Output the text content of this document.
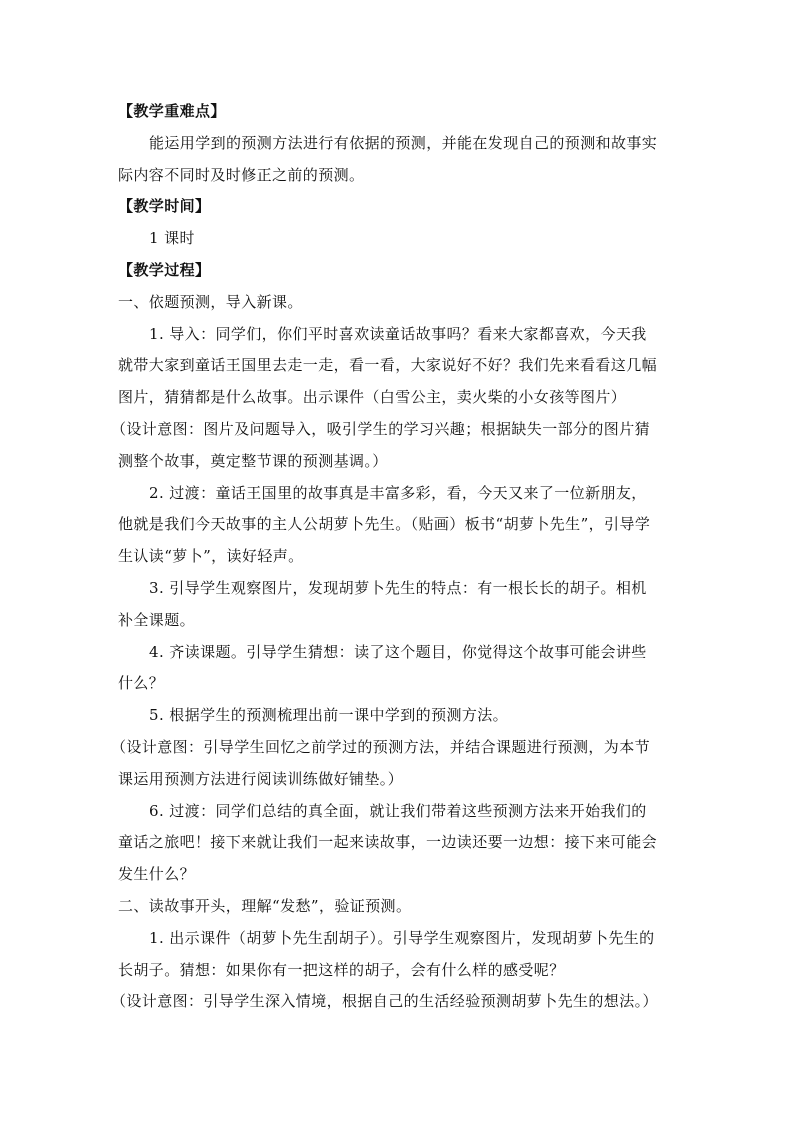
【教学重难点】
能运用学到的预测方法进行有依据的预测，并能在发现自己的预测和故事实
际内容不同时及时修正之前的预测。
【教学时间】
1 课时
【教学过程】
一、依题预测，导入新课。
1. 导入：同学们，你们平时喜欢读童话故事吗？看来大家都喜欢，今天我
就带大家到童话王国里去走一走，看一看，大家说好不好？我们先来看看这几幅
图片，猜猜都是什么故事。出示课件（白雪公主，卖火柴的小女孩等图片）
（设计意图：图片及问题导入，吸引学生的学习兴趣；根据缺失一部分的图片猜
测整个故事，奠定整节课的预测基调。）
2. 过渡：童话王国里的故事真是丰富多彩，看，今天又来了一位新朋友，
他就是我们今天故事的主人公胡萝卜先生。（贴画）板书“胡萝卜先生”，引导学
生认读“萝卜”，读好轻声。
3. 引导学生观察图片，发现胡萝卜先生的特点：有一根长长的胡子。相机
补全课题。
4. 齐读课题。引导学生猜想：读了这个题目，你觉得这个故事可能会讲些
什么？
5. 根据学生的预测梳理出前一课中学到的预测方法。
（设计意图：引导学生回忆之前学过的预测方法，并结合课题进行预测，为本节
课运用预测方法进行阅读训练做好铺垫。）
6. 过渡：同学们总结的真全面，就让我们带着这些预测方法来开始我们的
童话之旅吧！接下来就让我们一起来读故事，一边读还要一边想：接下来可能会
发生什么？
二、读故事开头，理解“发愁”，验证预测。
1. 出示课件（胡萝卜先生刮胡子）。引导学生观察图片，发现胡萝卜先生的
长胡子。猜想：如果你有一把这样的胡子，会有什么样的感受呢？
（设计意图：引导学生深入情境，根据自己的生活经验预测胡萝卜先生的想法。）
